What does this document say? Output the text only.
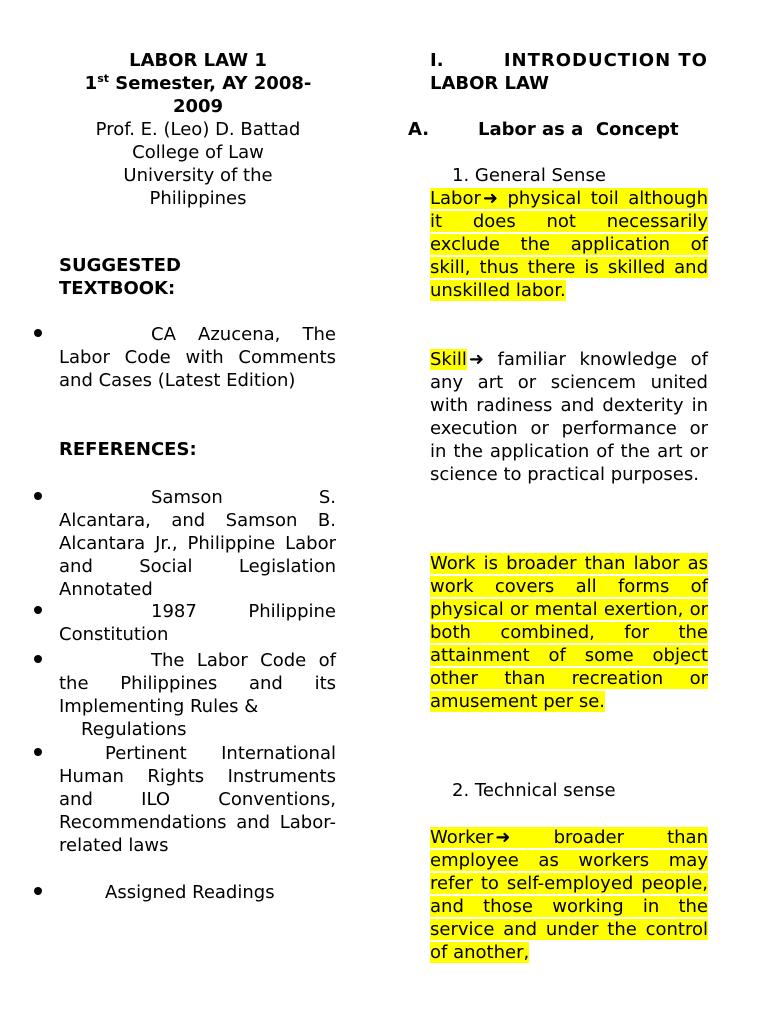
LABOR LAW 1
1st Semester, AY 2008-
2009
Prof. E. (Leo) D. Battad
College of Law
University of the
Philippines
SUGGESTED
TEXTBOOK:
CA Azucena, The Labor Code with Comments and Cases (Latest Edition)
REFERENCES:
Samson S. Alcantara, and Samson B. Alcantara Jr., Philippine Labor and Social Legislation Annotated
1987 Philippine Constitution
The Labor Code of the Philippines and its Implementing Rules &
Regulations
Pertinent International Human Rights Instruments and ILO Conventions, Recommendations and Labor-related laws
Assigned Readings
I.	INTRODUCTION TO
LABOR LAW
A.	Labor as a  Concept
1. General Sense
Labor ➜ physical toil although it does not necessarily exclude the application of skill, thus there is skilled and unskilled labor.
Skill ➜ familiar knowledge of any art or sciencem united with radiness and dexterity in execution or performance or in the application of the art or science to practical purposes.
Work is broader than labor as work covers all forms of physical or mental exertion, or both combined, for the attainment of some object other than recreation or amusement per se.
2. Technical sense
Worker ➜ broader than employee as workers may refer to self-employed people, and those working in the service and under the control of another,
